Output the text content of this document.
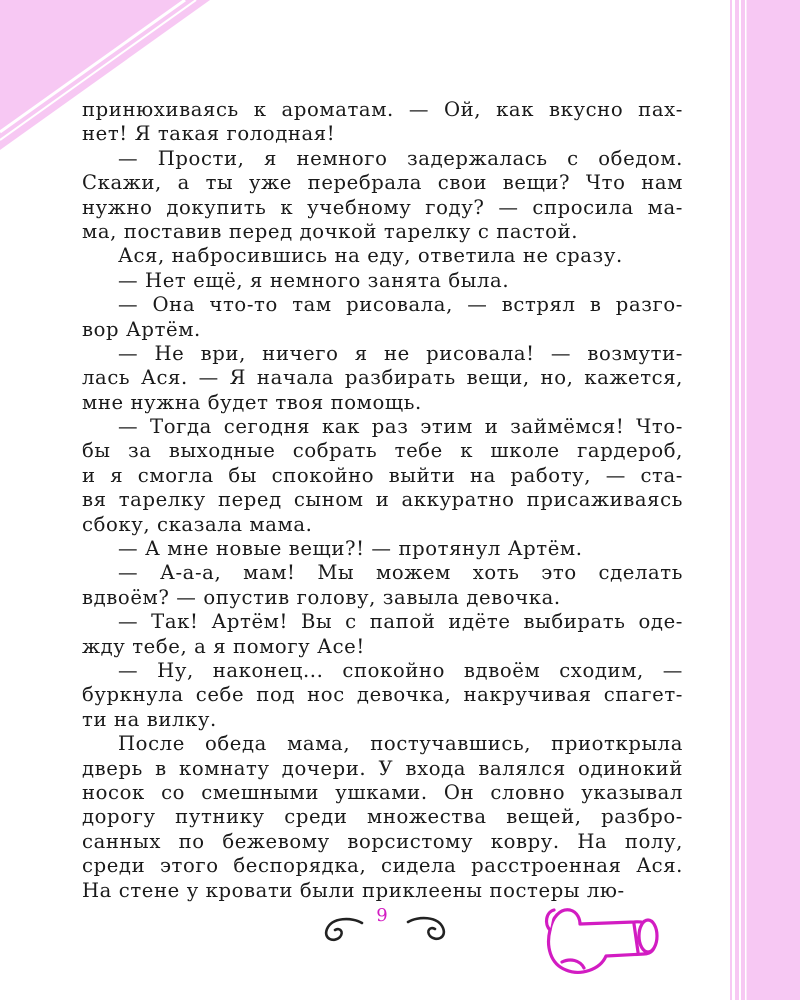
принюхиваясь к ароматам. — Ой, как вкусно пах-
нет! Я такая голодная!
— Прости, я немного задержалась с обедом.
Скажи, а ты уже перебрала свои вещи? Что нам
нужно докупить к учебному году? — спросила ма-
ма, поставив перед дочкой тарелку с пастой.
Ася, набросившись на еду, ответила не сразу.
— Нет ещё, я немного занята была.
— Она что-то там рисовала, — встрял в разго-
вор Артём.
— Не ври, ничего я не рисовала! — возмути-
лась Ася. — Я начала разбирать вещи, но, кажется,
мне нужна будет твоя помощь.
— Тогда сегодня как раз этим и займёмся! Что-
бы за выходные собрать тебе к школе гардероб,
и я смогла бы спокойно выйти на работу, — ста-
вя тарелку перед сыном и аккуратно присаживаясь
сбоку, сказала мама.
— А мне новые вещи?! — протянул Артём.
— А-а-а, мам! Мы можем хоть это сделать
вдвоём? — опустив голову, завыла девочка.
— Так! Артём! Вы с папой идёте выбирать оде-
жду тебе, а я помогу Асе!
— Ну, наконец... спокойно вдвоём сходим, —
буркнула себе под нос девочка, накручивая спагет-
ти на вилку.
После обеда мама, постучавшись, приоткрыла
дверь в комнату дочери. У входа валялся одинокий
носок со смешными ушками. Он словно указывал
дорогу путнику среди множества вещей, разбро-
санных по бежевому ворсистому ковру. На полу,
среди этого беспорядка, сидела расстроенная Ася.
На стене у кровати были приклеены постеры лю-
9
